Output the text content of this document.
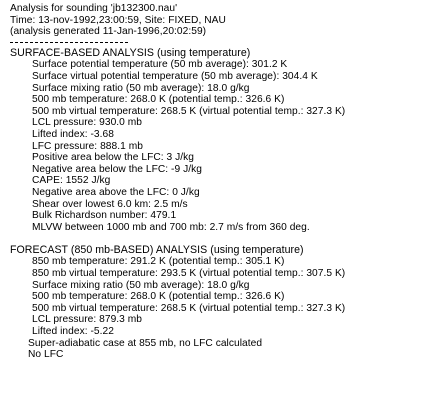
Analysis for sounding 'jb132300.nau'
Time: 13-nov-1992,23:00:59, Site: FIXED, NAU
(analysis generated 11-Jan-1996,20:02:59)
SURFACE-BASED ANALYSIS (using temperature)
Surface potential temperature (50 mb average): 301.2 K
Surface virtual potential temperature (50 mb average): 304.4 K
Surface mixing ratio (50 mb average): 18.0 g/kg
500 mb temperature: 268.0 K (potential temp.: 326.6 K)
500 mb virtual temperature: 268.5 K (virtual potential temp.: 327.3 K)
LCL pressure: 930.0 mb
Lifted index: -3.68
LFC pressure: 888.1 mb
Positive area below the LFC: 3 J/kg
Negative area below the LFC: -9 J/kg
CAPE: 1552 J/kg
Negative area above the LFC: 0 J/kg
Shear over lowest 6.0 km: 2.5 m/s
Bulk Richardson number: 479.1
MLVW between 1000 mb and 700 mb: 2.7 m/s from 360 deg.
FORECAST (850 mb-BASED) ANALYSIS (using temperature)
850 mb temperature: 291.2 K (potential temp.: 305.1 K)
850 mb virtual temperature: 293.5 K (virtual potential temp.: 307.5 K)
Surface mixing ratio (50 mb average): 18.0 g/kg
500 mb temperature: 268.0 K (potential temp.: 326.6 K)
500 mb virtual temperature: 268.5 K (virtual potential temp.: 327.3 K)
LCL pressure: 879.3 mb
Lifted index: -5.22
Super-adiabatic case at 855 mb, no LFC calculated
No LFC
